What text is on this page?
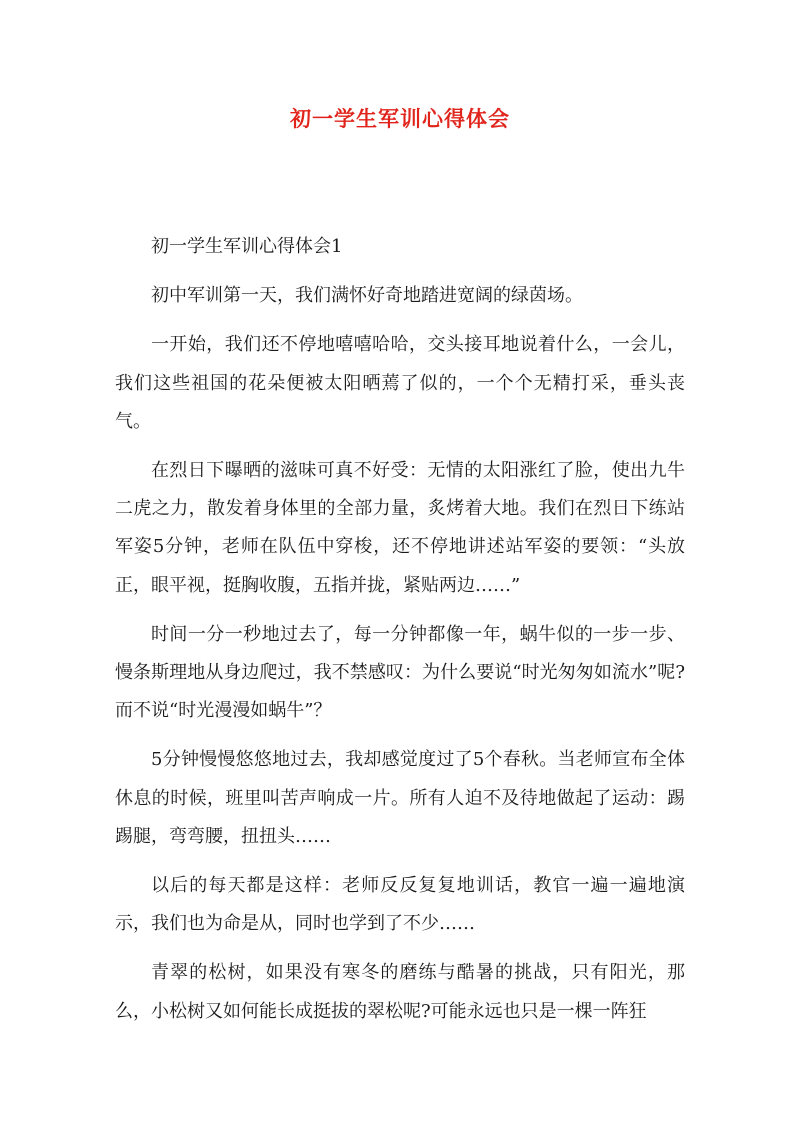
初一学生军训心得体会

初一学生军训心得体会1

初中军训第一天，我们满怀好奇地踏进宽阔的绿茵场。

一开始，我们还不停地嘻嘻哈哈，交头接耳地说着什么，一会儿，我们这些祖国的花朵便被太阳晒蔫了似的，一个个无精打采，垂头丧气。

在烈日下曝晒的滋味可真不好受：无情的太阳涨红了脸，使出九牛二虎之力，散发着身体里的全部力量，炙烤着大地。我们在烈日下练站军姿5分钟，老师在队伍中穿梭，还不停地讲述站军姿的要领：“头放正，眼平视，挺胸收腹，五指并拢，紧贴两边……”

时间一分一秒地过去了，每一分钟都像一年，蜗牛似的一步一步、慢条斯理地从身边爬过，我不禁感叹：为什么要说“时光匆匆如流水”呢?而不说“时光漫漫如蜗牛”？

5分钟慢慢悠悠地过去，我却感觉度过了5个春秋。当老师宣布全体休息的时候，班里叫苦声响成一片。所有人迫不及待地做起了运动：踢踢腿，弯弯腰，扭扭头……

以后的每天都是这样：老师反反复复地训话，教官一遍一遍地演示，我们也为命是从，同时也学到了不少……

青翠的松树，如果没有寒冬的磨练与酷暑的挑战，只有阳光，那么，小松树又如何能长成挺拔的翠松呢?可能永远也只是一棵一阵狂
